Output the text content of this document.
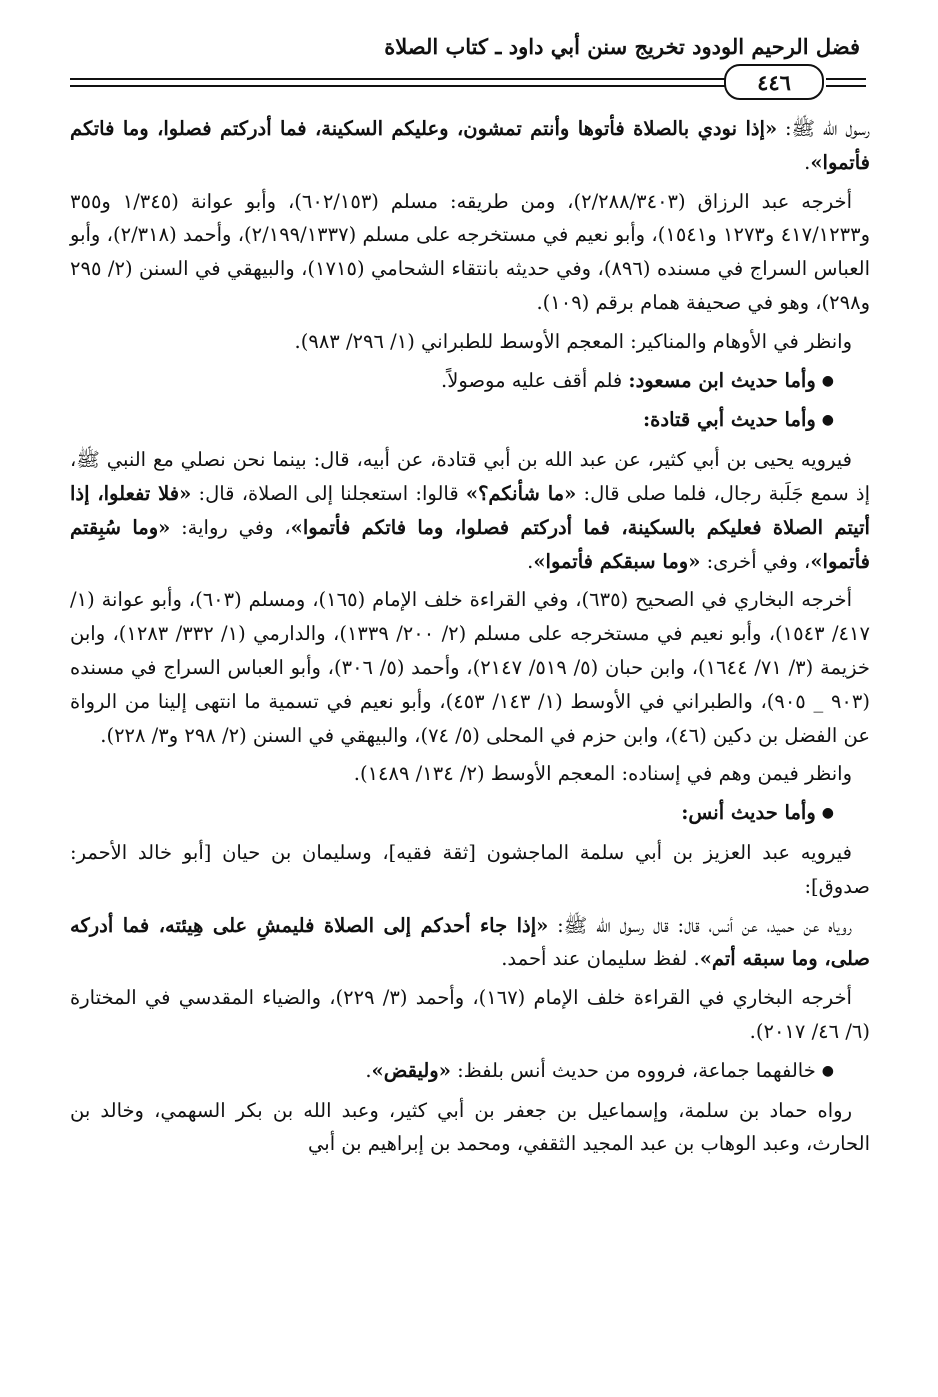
فضل الرحيم الودود تخريج سنن أبي داود ـ كتاب الصلاة
٤٤٦

رسول الله ﷺ: «إذا نودي بالصلاة فأتوها وأنتم تمشون، وعليكم السكينة، فما أدركتم فصلوا، وما فاتكم فأتموا».

أخرجه عبد الرزاق (٢/٢٨٨/٣٤٠٣)، ومن طريقه: مسلم (٦٠٢/١٥٣)، وأبو عوانة (١/٣٤٥ و٣٥٥ و٤١٧/١٢٣٣ و١٢٧٣ و١٥٤١)، وأبو نعيم في مستخرجه على مسلم (٢/١٩٩/١٣٣٧)، وأحمد (٢/٣١٨)، وأبو العباس السراج في مسنده (٨٩٦)، وفي حديثه بانتقاء الشحامي (١٧١٥)، والبيهقي في السنن (٢/ ٢٩٥ و٢٩٨)، وهو في صحيفة همام برقم (١٠٩).

وانظر في الأوهام والمناكير: المعجم الأوسط للطبراني (١/ ٢٩٦/ ٩٨٣).

●وأما حديث ابن مسعود: فلم أقف عليه موصولاً.

●وأما حديث أبي قتادة:

فيرويه يحيى بن أبي كثير، عن عبد الله بن أبي قتادة، عن أبيه، قال: بينما نحن نصلي مع النبي ﷺ، إذ سمع جَلَبة رجال، فلما صلى قال: «ما شأنكم؟» قالوا: استعجلنا إلى الصلاة، قال: «فلا تفعلوا، إذا أتيتم الصلاة فعليكم بالسكينة، فما أدركتم فصلوا، وما فاتكم فأتموا»، وفي رواية: «وما سُبِقتم فأتموا»، وفي أخرى: «وما سبقكم فأتموا».

أخرجه البخاري في الصحيح (٦٣٥)، وفي القراءة خلف الإمام (١٦٥)، ومسلم (٦٠٣)، وأبو عوانة (١/ ٤١٧/ ١٥٤٣)، وأبو نعيم في مستخرجه على مسلم (٢/ ٢٠٠/ ١٣٣٩)، والدارمي (١/ ٣٣٢/ ١٢٨٣)، وابن خزيمة (٣/ ٧١/ ١٦٤٤)، وابن حبان (٥/ ٥١٩/ ٢١٤٧)، وأحمد (٥/ ٣٠٦)، وأبو العباس السراج في مسنده (٩٠٣ _ ٩٠٥)، والطبراني في الأوسط (١/ ١٤٣/ ٤٥٣)، وأبو نعيم في تسمية ما انتهى إلينا من الرواة عن الفضل بن دكين (٤٦)، وابن حزم في المحلى (٥/ ٧٤)، والبيهقي في السنن (٢/ ٢٩٨ و٣/ ٢٢٨).

وانظر فيمن وهم في إسناده: المعجم الأوسط (٢/ ١٣٤/ ١٤٨٩).

●وأما حديث أنس:

فيرويه عبد العزيز بن أبي سلمة الماجشون [ثقة فقيه]، وسليمان بن حيان [أبو خالد الأحمر: صدوق]:

روياه عن حميد، عن أنس، قال: قال رسول الله ﷺ: «إذا جاء أحدكم إلى الصلاة فليمشِ على هِيئته، فما أدركه صلى، وما سبقه أتم». لفظ سليمان عند أحمد.

أخرجه البخاري في القراءة خلف الإمام (١٦٧)، وأحمد (٣/ ٢٢٩)، والضياء المقدسي في المختارة (٦/ ٤٦/ ٢٠١٧).

●خالفهما جماعة، فرووه من حديث أنس بلفظ: «وليقض».

رواه حماد بن سلمة، وإسماعيل بن جعفر بن أبي كثير، وعبد الله بن بكر السهمي، وخالد بن الحارث، وعبد الوهاب بن عبد المجيد الثقفي، ومحمد بن إبراهيم بن أبي
